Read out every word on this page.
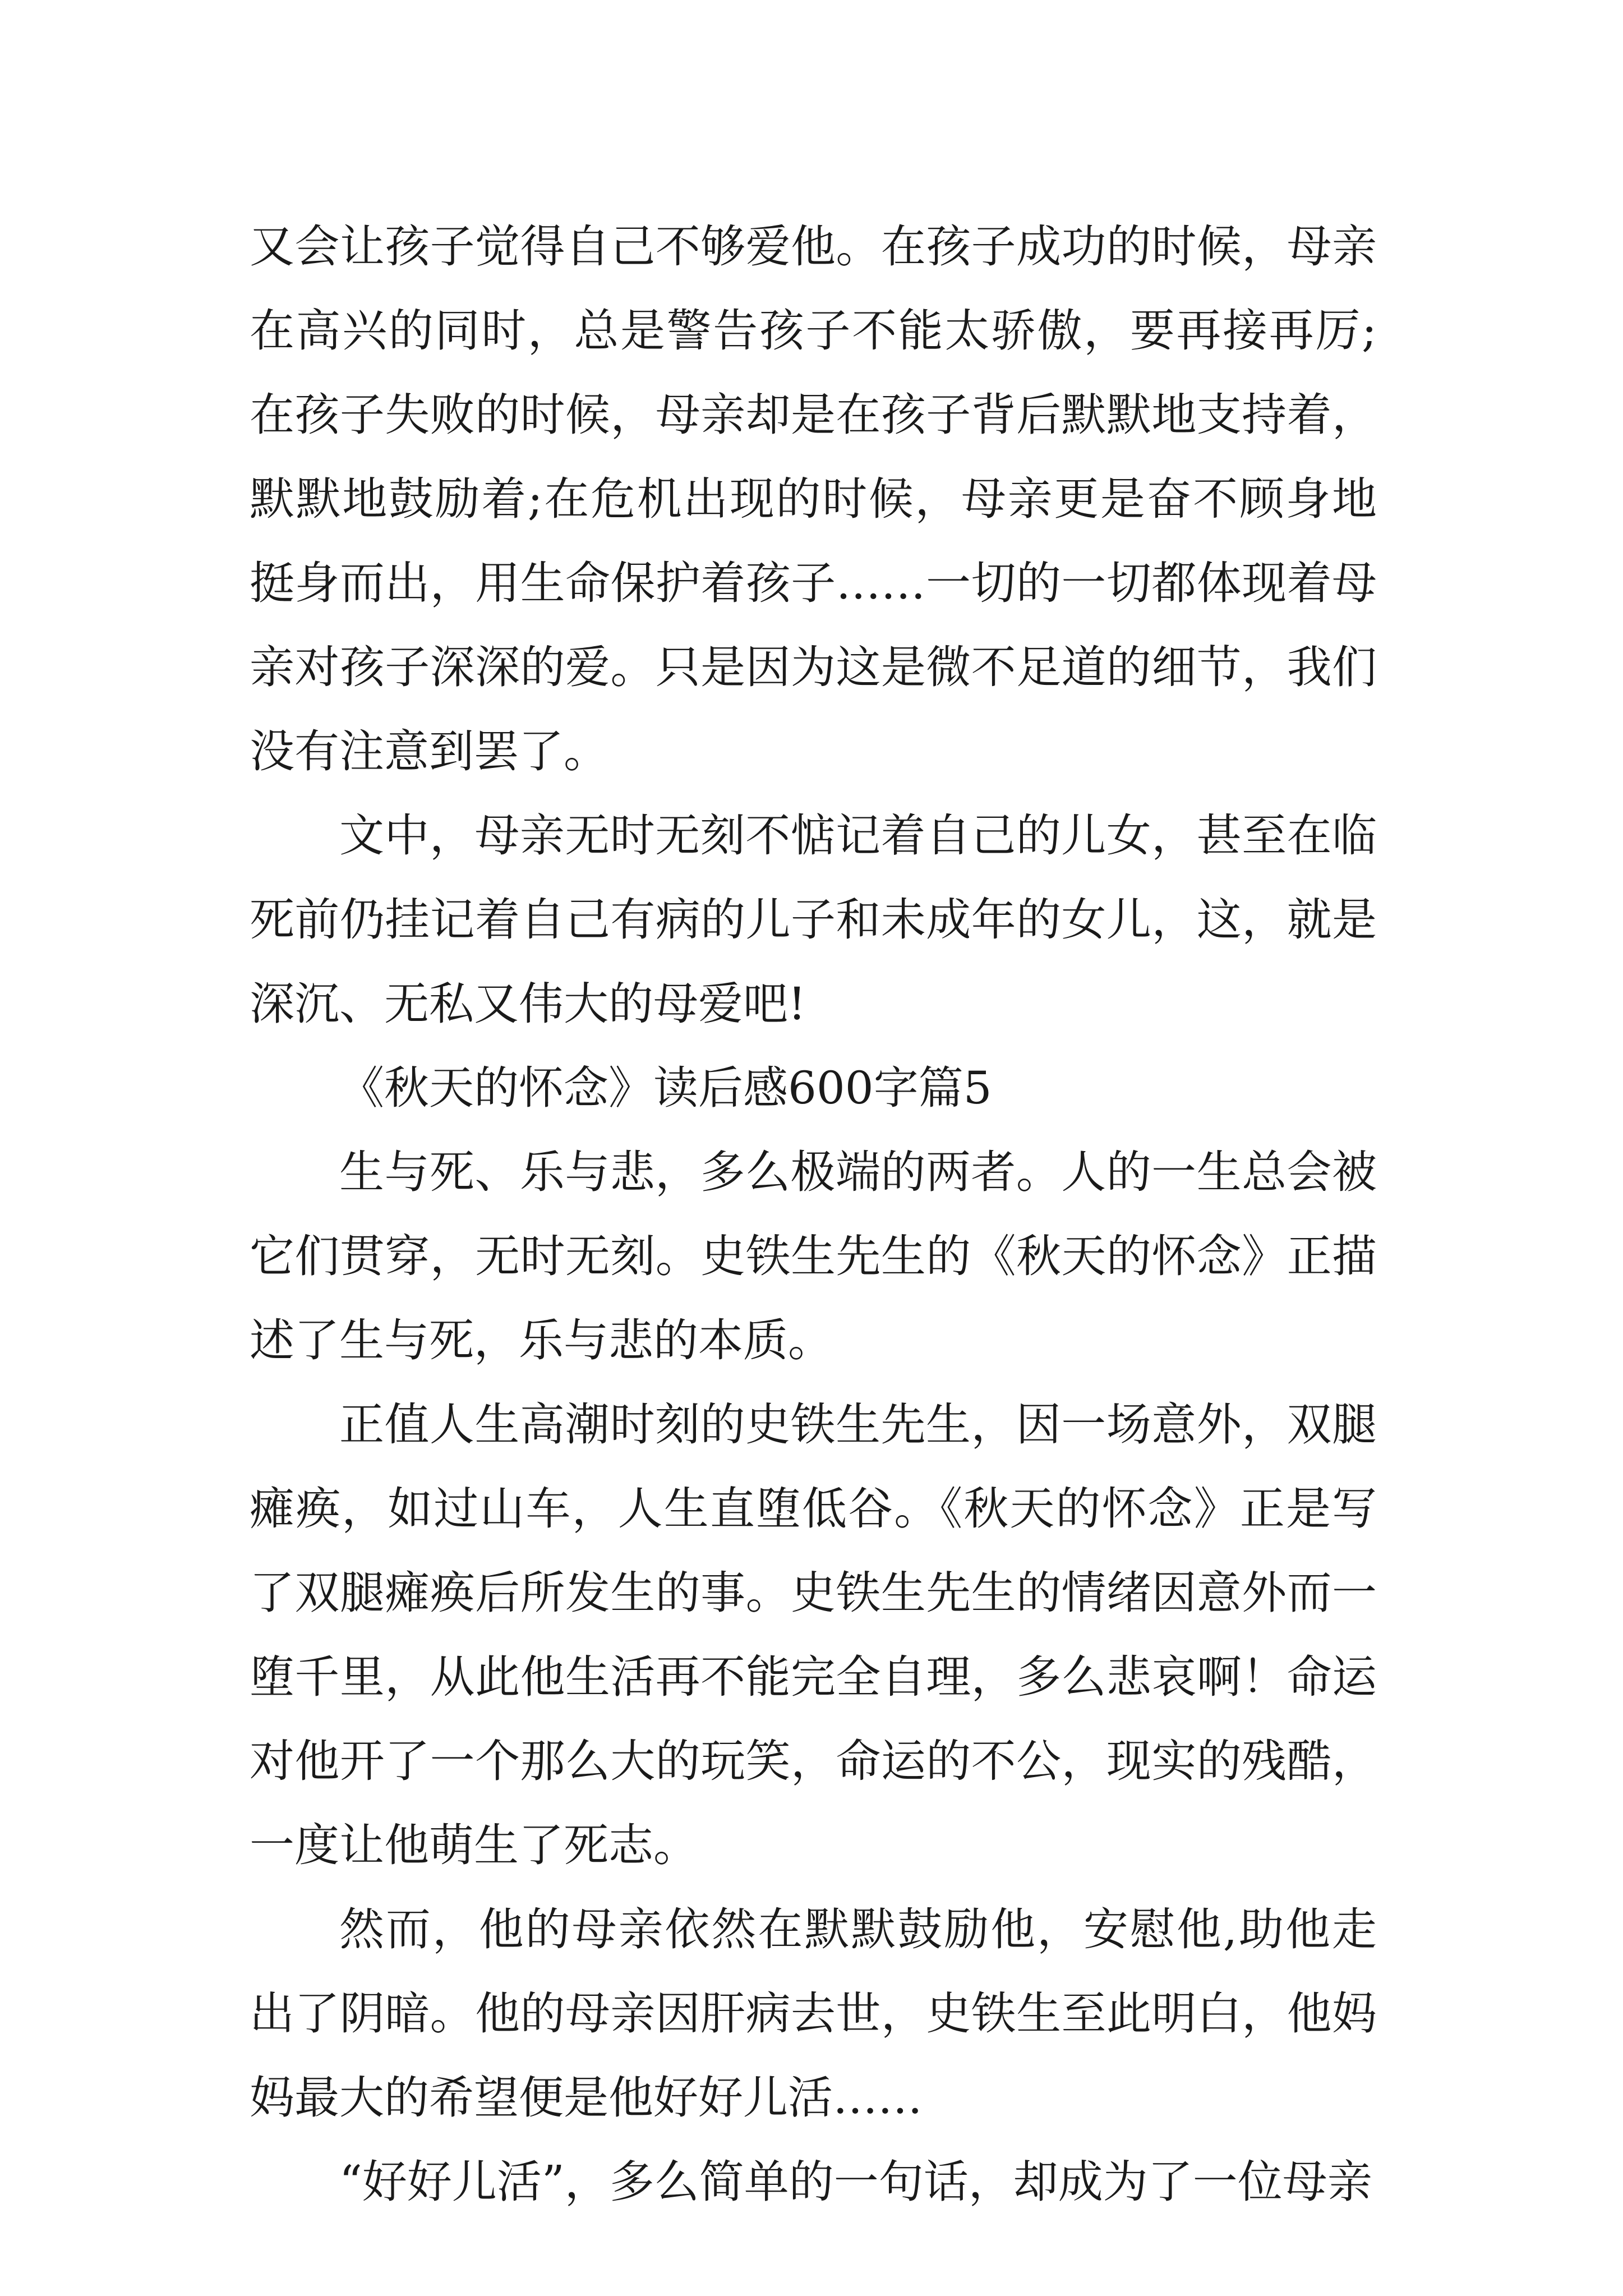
又会让孩子觉得自己不够爱他。在孩子成功的时候，母亲在高兴的同时，总是警告孩子不能太骄傲，要再接再厉;在孩子失败的时候，母亲却是在孩子背后默默地支持着，默默地鼓励着;在危机出现的时候，母亲更是奋不顾身地挺身而出，用生命保护着孩子……一切的一切都体现着母亲对孩子深深的爱。只是因为这是微不足道的细节，我们没有注意到罢了。

文中，母亲无时无刻不惦记着自己的儿女，甚至在临死前仍挂记着自己有病的儿子和未成年的女儿，这，就是深沉、无私又伟大的母爱吧!

《秋天的怀念》读后感600字篇5

生与死、乐与悲，多么极端的两者。人的一生总会被它们贯穿，无时无刻。史铁生先生的《秋天的怀念》正描述了生与死，乐与悲的本质。

正值人生高潮时刻的史铁生先生，因一场意外，双腿瘫痪，如过山车，人生直堕低谷。《秋天的怀念》正是写了双腿瘫痪后所发生的事。史铁生先生的情绪因意外而一堕千里，从此他生活再不能完全自理，多么悲哀啊！命运对他开了一个那么大的玩笑，命运的不公，现实的残酷，一度让他萌生了死志。

然而，他的母亲依然在默默鼓励他，安慰他,助他走出了阴暗。他的母亲因肝病去世，史铁生至此明白，他妈妈最大的希望便是他好好儿活……

“好好儿活”，多么简单的一句话，却成为了一位母亲
